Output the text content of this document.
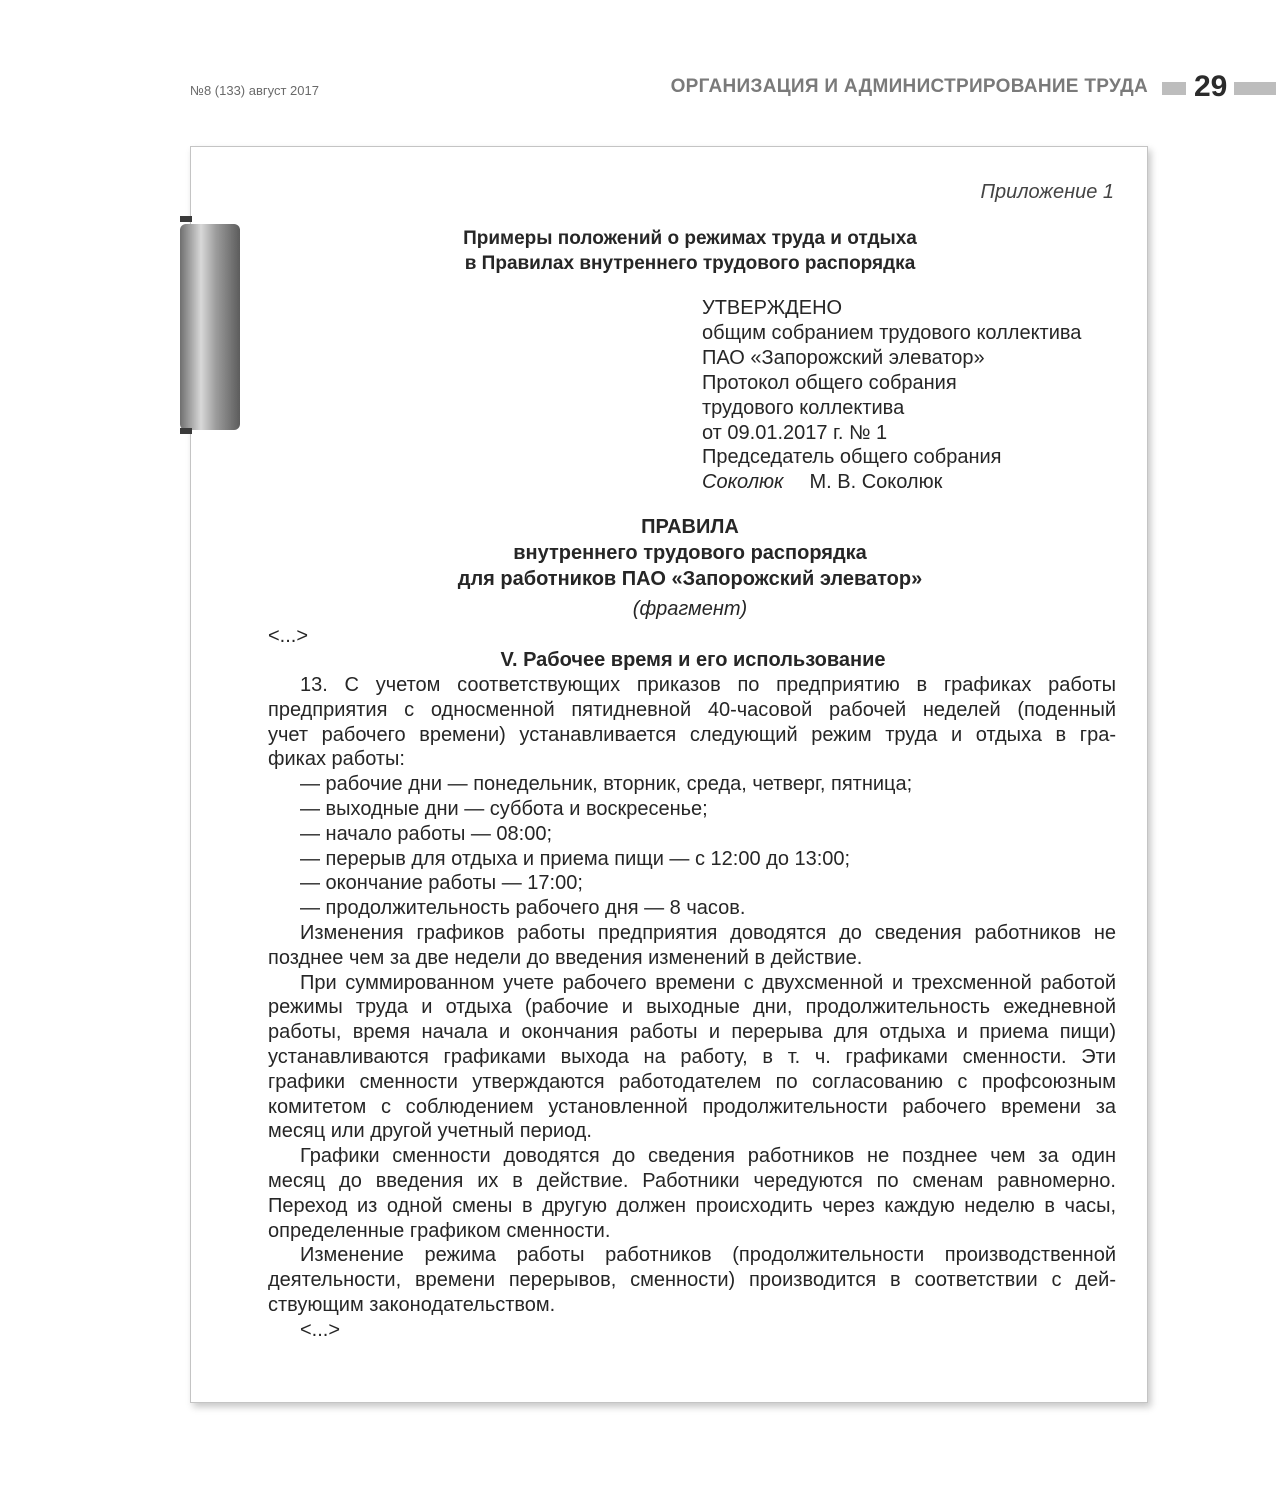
№8 (133) август 2017	ОРГАНИЗАЦИЯ И АДМИНИСТРИРОВАНИЕ ТРУДА 29
Приложение 1
Примеры положений о режимах труда и отдыха
в Правилах внутреннего трудового распорядка
УТВЕРЖДЕНО
общим собранием трудового коллектива
ПАО «Запорожский элеватор»
Протокол общего собрания
трудового коллектива
от 09.01.2017 г. № 1
Председатель общего собрания
Соколюк М. В. Соколюк
ПРАВИЛА
внутреннего трудового распорядка
для работников ПАО «Запорожский элеватор»
(фрагмент)
<...>
V. Рабочее время и его использование
13. С учетом соответствующих приказов по предприятию в графиках работы
предприятия с односменной пятидневной 40-часовой рабочей неделей (поденный
учет рабочего времени) устанавливается следующий режим труда и отдыха в гра-
фиках работы:
— рабочие дни — понедельник, вторник, среда, четверг, пятница;
— выходные дни — суббота и воскресенье;
— начало работы — 08:00;
— перерыв для отдыха и приема пищи — с 12:00 до 13:00;
— окончание работы — 17:00;
— продолжительность рабочего дня — 8 часов.
Изменения графиков работы предприятия доводятся до сведения работников не
позднее чем за две недели до введения изменений в действие.
При суммированном учете рабочего времени с двухсменной и трехсменной работой
режимы труда и отдыха (рабочие и выходные дни, продолжительность ежедневной
работы, время начала и окончания работы и перерыва для отдыха и приема пищи)
устанавливаются графиками выхода на работу, в т. ч. графиками сменности. Эти
графики сменности утверждаются работодателем по согласованию с профсоюзным
комитетом с соблюдением установленной продолжительности рабочего времени за
месяц или другой учетный период.
Графики сменности доводятся до сведения работников не позднее чем за один
месяц до введения их в действие. Работники чередуются по сменам равномерно.
Переход из одной смены в другую должен происходить через каждую неделю в часы,
определенные графиком сменности.
Изменение режима работы работников (продолжительности производственной
деятельности, времени перерывов, сменности) производится в соответствии с дей-
ствующим законодательством.
<...>
